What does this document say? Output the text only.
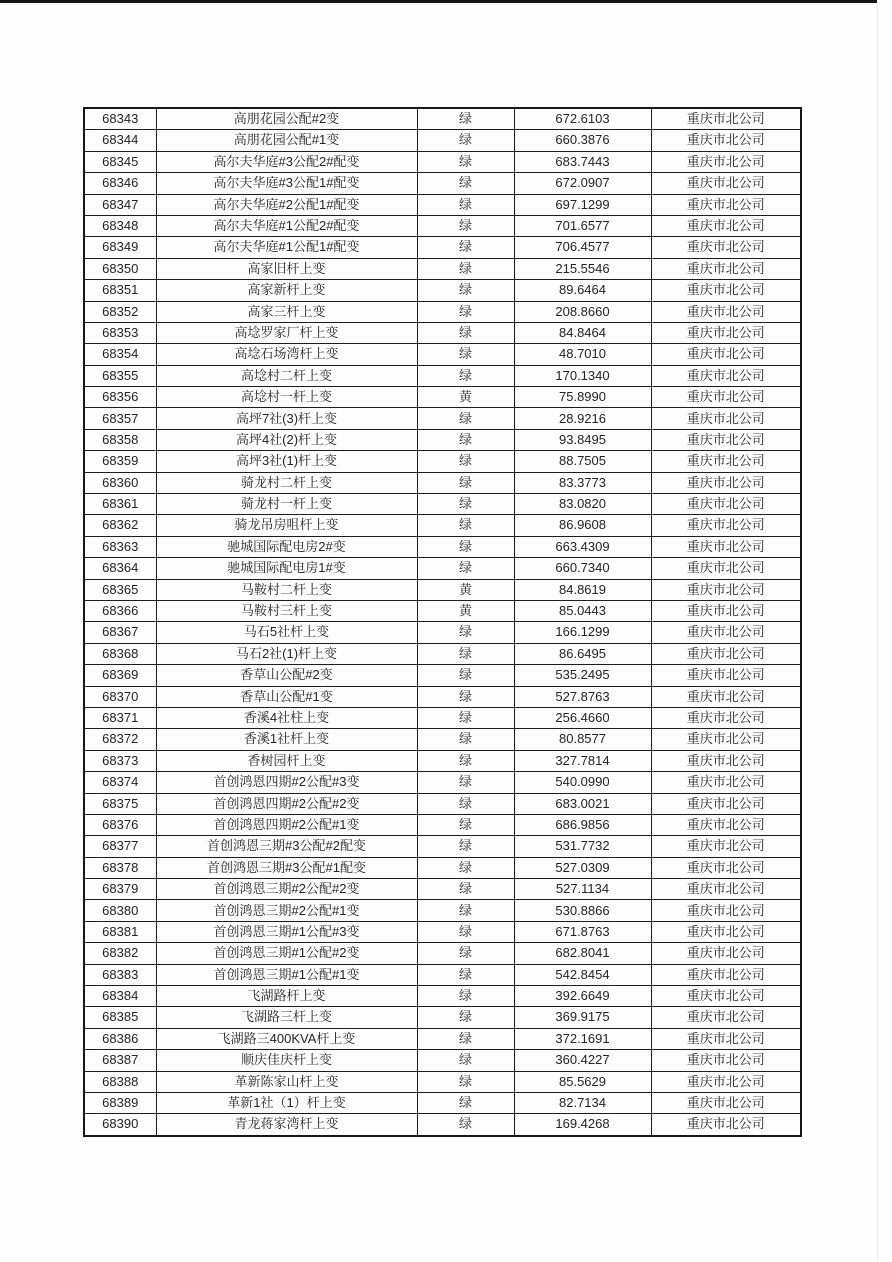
68343	高朋花园公配#2变	绿	672.6103	重庆市北公司
68344	高朋花园公配#1变	绿	660.3876	重庆市北公司
68345	高尔夫华庭#3公配2#配变	绿	683.7443	重庆市北公司
68346	高尔夫华庭#3公配1#配变	绿	672.0907	重庆市北公司
68347	高尔夫华庭#2公配1#配变	绿	697.1299	重庆市北公司
68348	高尔夫华庭#1公配2#配变	绿	701.6577	重庆市北公司
68349	高尔夫华庭#1公配1#配变	绿	706.4577	重庆市北公司
68350	高家旧杆上变	绿	215.5546	重庆市北公司
68351	高家新杆上变	绿	89.6464	重庆市北公司
68352	高家三杆上变	绿	208.8660	重庆市北公司
68353	高埝罗家厂杆上变	绿	84.8464	重庆市北公司
68354	高埝石场湾杆上变	绿	48.7010	重庆市北公司
68355	高埝村二杆上变	绿	170.1340	重庆市北公司
68356	高埝村一杆上变	黄	75.8990	重庆市北公司
68357	高坪7社(3)杆上变	绿	28.9216	重庆市北公司
68358	高坪4社(2)杆上变	绿	93.8495	重庆市北公司
68359	高坪3社(1)杆上变	绿	88.7505	重庆市北公司
68360	骑龙村二杆上变	绿	83.3773	重庆市北公司
68361	骑龙村一杆上变	绿	83.0820	重庆市北公司
68362	骑龙吊房咀杆上变	绿	86.9608	重庆市北公司
68363	驰城国际配电房2#变	绿	663.4309	重庆市北公司
68364	驰城国际配电房1#变	绿	660.7340	重庆市北公司
68365	马鞍村二杆上变	黄	84.8619	重庆市北公司
68366	马鞍村三杆上变	黄	85.0443	重庆市北公司
68367	马石5社杆上变	绿	166.1299	重庆市北公司
68368	马石2社(1)杆上变	绿	86.6495	重庆市北公司
68369	香草山公配#2变	绿	535.2495	重庆市北公司
68370	香草山公配#1变	绿	527.8763	重庆市北公司
68371	香溪4社柱上变	绿	256.4660	重庆市北公司
68372	香溪1社杆上变	绿	80.8577	重庆市北公司
68373	香树园杆上变	绿	327.7814	重庆市北公司
68374	首创鸿恩四期#2公配#3变	绿	540.0990	重庆市北公司
68375	首创鸿恩四期#2公配#2变	绿	683.0021	重庆市北公司
68376	首创鸿恩四期#2公配#1变	绿	686.9856	重庆市北公司
68377	首创鸿恩三期#3公配#2配变	绿	531.7732	重庆市北公司
68378	首创鸿恩三期#3公配#1配变	绿	527.0309	重庆市北公司
68379	首创鸿恩三期#2公配#2变	绿	527.1134	重庆市北公司
68380	首创鸿恩三期#2公配#1变	绿	530.8866	重庆市北公司
68381	首创鸿恩三期#1公配#3变	绿	671.8763	重庆市北公司
68382	首创鸿恩三期#1公配#2变	绿	682.8041	重庆市北公司
68383	首创鸿恩三期#1公配#1变	绿	542.8454	重庆市北公司
68384	飞湖路杆上变	绿	392.6649	重庆市北公司
68385	飞湖路三杆上变	绿	369.9175	重庆市北公司
68386	飞湖路三400KVA杆上变	绿	372.1691	重庆市北公司
68387	顺庆佳庆杆上变	绿	360.4227	重庆市北公司
68388	革新陈家山杆上变	绿	85.5629	重庆市北公司
68389	革新1社（1）杆上变	绿	82.7134	重庆市北公司
68390	青龙蒋家湾杆上变	绿	169.4268	重庆市北公司
